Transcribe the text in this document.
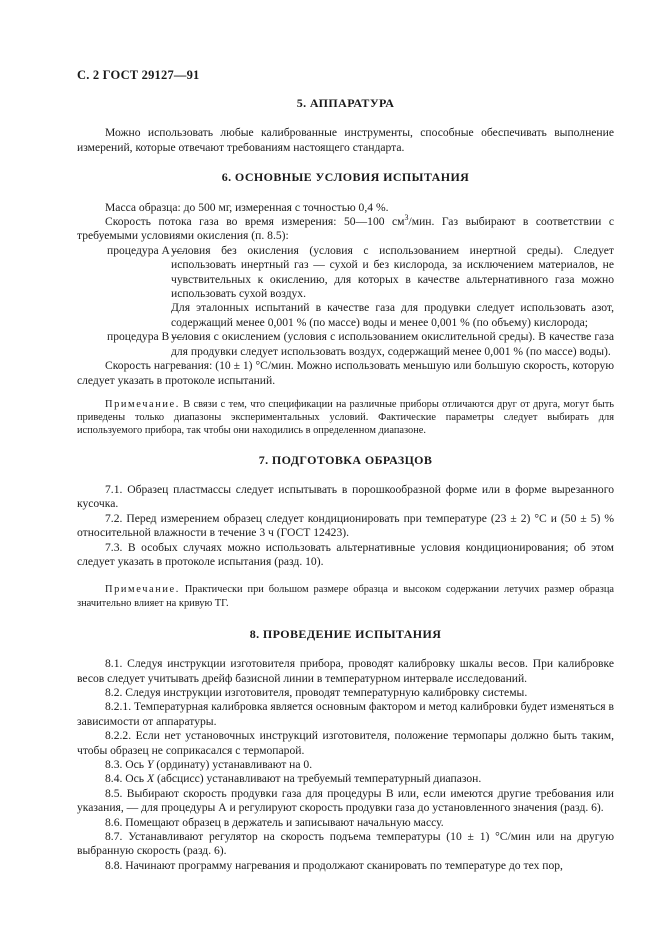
С. 2 ГОСТ 29127—91
5. АППАРАТУРА

Можно использовать любые калиброванные инструменты, способные обеспечивать выполнение измерений, которые отвечают требованиям настоящего стандарта.

6. ОСНОВНЫЕ УСЛОВИЯ ИСПЫТАНИЯ

Масса образца: до 500 мг, измеренная с точностью 0,4 %.

Скорость потока газа во время измерения: 50—100 $см^3$/мин. Газ выбирают в соответствии с требуемыми условиями окисления (п. 8.5):

процедура А —
условия без окисления (условия с использованием инертной среды). Следует использовать инертный газ — сухой и без кислорода, за исключением материалов, не чувствительных к окислению, для которых в качестве альтернативного газа можно использовать сухой воздух.
Для эталонных испытаний в качестве газа для продувки следует использовать азот, содержащий менее 0,001 % (по массе) воды и менее 0,001 % (по объему) кислорода;
процедура В —
условия с окислением (условия с использованием окислительной среды). В качестве газа для продувки следует использовать воздух, содержащий менее 0,001 % (по массе) воды).

Скорость нагревания: (10 ± 1) °С/мин. Можно использовать меньшую или большую скорость, которую следует указать в протоколе испытаний.

Примечание. В связи с тем, что спецификации на различные приборы отличаются друг от друга, могут быть приведены только диапазоны экспериментальных условий. Фактические параметры следует выбирать для используемого прибора, так чтобы они находились в определенном диапазоне.

7. ПОДГОТОВКА ОБРАЗЦОВ

7.1. Образец пластмассы следует испытывать в порошкообразной форме или в форме вырезанного кусочка.

7.2. Перед измерением образец следует кондиционировать при температуре (23 ± 2) °С и (50 ± 5) % относительной влажности в течение 3 ч (ГОСТ 12423).

7.3. В особых случаях можно использовать альтернативные условия кондиционирования; об этом следует указать в протоколе испытания (разд. 10).

Примечание. Практически при большом размере образца и высоком содержании летучих размер образца значительно влияет на кривую ТГ.

8. ПРОВЕДЕНИЕ ИСПЫТАНИЯ

8.1. Следуя инструкции изготовителя прибора, проводят калибровку шкалы весов. При калибровке весов следует учитывать дрейф базисной линии в температурном интервале исследований.

8.2. Следуя инструкции изготовителя, проводят температурную калибровку системы.

8.2.1. Температурная калибровка является основным фактором и метод калибровки будет изменяться в зависимости от аппаратуры.

8.2.2. Если нет установочных инструкций изготовителя, положение термопары должно быть таким, чтобы образец не соприкасался с термопарой.

8.3. Ось Y (ординату) устанавливают на 0.

8.4. Ось X (абсцисс) устанавливают на требуемый температурный диапазон.

8.5. Выбирают скорость продувки газа для процедуры В или, если имеются другие требования или указания, — для процедуры А и регулируют скорость продувки газа до установленного значения (разд. 6).

8.6. Помещают образец в держатель и записывают начальную массу.

8.7. Устанавливают регулятор на скорость подъема температуры (10 ± 1) °С/мин или на другую выбранную скорость (разд. 6).

8.8. Начинают программу нагревания и продолжают сканировать по температуре до тех пор,
